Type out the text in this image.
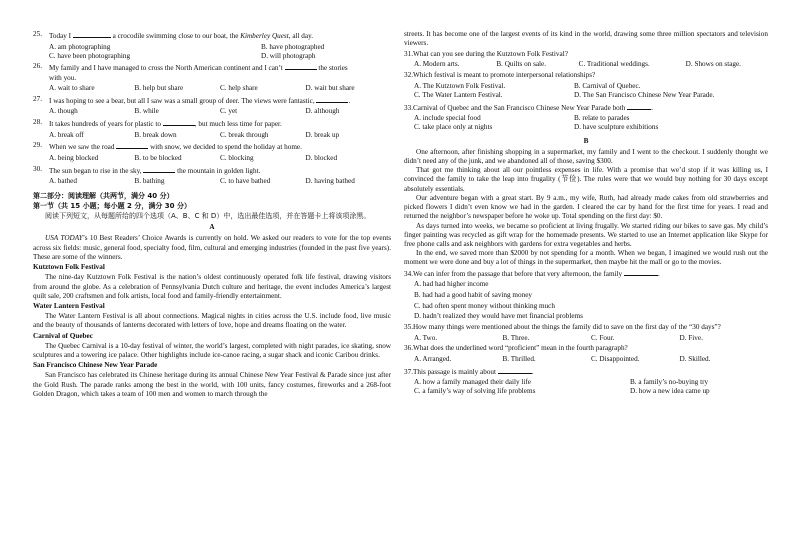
25. Today I	a crocodile swimming close to our boat, the Kimberley Quest, all day.
A. am photographing	B. have photographed
C. have been photographing	D. will photograph
26. My family and I have managed to cross the North American continent and I can’t	the stories
with you.
A. wait to share	B. help but share	C. help share	D. wait but share
27. I was hoping to see a bear, but all I saw was a small group of deer. The views were fantastic,	.
A. though	B. while	C. yet	D. although
28. It takes hundreds of years for plastic to	, but much less time for paper.
A. break off	B. break down	C. break through	D. break up
29. When we saw the road	with snow, we decided to spend the holiday at home.
A. being blocked	B. to be blocked	C. blocking	D. blocked
30. The sun began to rise in the sky,	the mountain in golden light.
A. bathed	B. bathing	C. to have bathed	D. having bathed

第二部分：阅读理解（共两节，满分 40 分）

第一节（共 15 小题；每小题 2 分，满分 30 分）

阅读下列短文，从每题所给的四个选项（A、B、C 和 D）中，选出最佳选项，并在答题卡上将该项涂黑。

A

USA TODAY’s 10 Best Readers’ Choice Awards is currently on hold. We asked our readers to vote for the top events across six fields: music, general food, specialty food, film, cultural and emerging industries (founded in the past five years). These are some of the winners.

Kutztown Folk Festival

The nine-day Kutztown Folk Festival is the nation’s oldest continuously operated folk life festival, drawing visitors from around the globe. As a celebration of Pennsylvania Dutch culture and heritage, the event includes America’s largest quilt sale, 200 craftsmen and folk artists, local food and family-friendly entertainment.

Water Lantern Festival

The Water Lantern Festival is all about connections. Magical nights in cities across the U.S. include food, live music and the beauty of thousands of lanterns decorated with letters of love, hope and dreams floating on the water.

Carnival of Quebec

The Quebec Carnival is a 10-day festival of winter, the world’s largest, completed with night parades, ice skating, snow sculptures and a towering ice palace. Other highlights include ice-canoe racing, a sugar shack and iconic Caribou drinks.

San Francisco Chinese New Year Parade

San Francisco has celebrated its Chinese heritage during its annual Chinese New Year Festival & Parade since just after the Gold Rush. The parade ranks among the best in the world, with 100 units, fancy costumes, fireworks and a 268-foot Golden Dragon, which takes a team of 100 men and women to march through the

streets. It has become one of the largest events of its kind in the world, drawing some three million spectators and television viewers.

31.What can you see during the Kutztown Folk Festival?

A. Modern arts.	B. Quilts on sale.	C. Traditional weddings.	D. Shows on stage.

32.Which festival is meant to promote interpersonal relationships?

A. The Kutztown Folk Festival.	B. Carnival of Quebec.
C. The Water Lantern Festival.	D. The San Francisco Chinese New Year Parade.

33.Carnival of Quebec and the San Francisco Chinese New Year Parade both	.

A. include special food	B. relate to parades
C. take place only at nights	D. have sculpture exhibitions

B

One afternoon, after finishing shopping in a supermarket, my family and I went to the checkout. I suddenly thought we didn’t need any of the junk, and we abandoned all of those, saving $300.

That got me thinking about all our pointless expenses in life. With a promise that we’d stop if it was killing us, I convinced the family to take the leap into frugality (节俭). The rules were that we would buy nothing for 30 days except absolutely essentials.

Our adventure began with a great start. By 9 a.m., my wife, Ruth, had already made cakes from old strawberries and picked flowers I didn’t even know we had in the garden. I cleared the car by hand for the first time for years. I read and returned the neighbor’s newspaper before he woke up. Total spending on the first day: $0.

As days turned into weeks, we became so proficient at living frugally. We started riding our bikes to save gas. My child’s finger painting was recycled as gift wrap for the homemade presents. We started to use an Internet application like Skype for free phone calls and ask neighbors with gardens for extra vegetables and herbs.

In the end, we saved more than $2000 by not spending for a month. When we began, I imagined we would rush out the moment we were done and buy a lot of things in the supermarket, then maybe hit the mall or go to the movies.

34.We can infer from the passage that before that very afternoon, the family	.

A. had had higher income

B. had had a good habit of saving money

C. had often spent money without thinking much

D. hadn’t realized they would have met financial problems

35.How many things were mentioned about the things the family did to save on the first day of the “30 days”?

A. Two.	B. Three.	C. Four.	D. Five.

36.What does the underlined word “proficient” mean in the fourth paragraph?

A. Arranged.	B. Thrilled.	C. Disappointed.	D. Skilled.

37.This passage is mainly about	.

A. how a family managed their daily life	B. a family’s no-buying try
C. a family’s way of solving life problems	D. how a new idea came up
